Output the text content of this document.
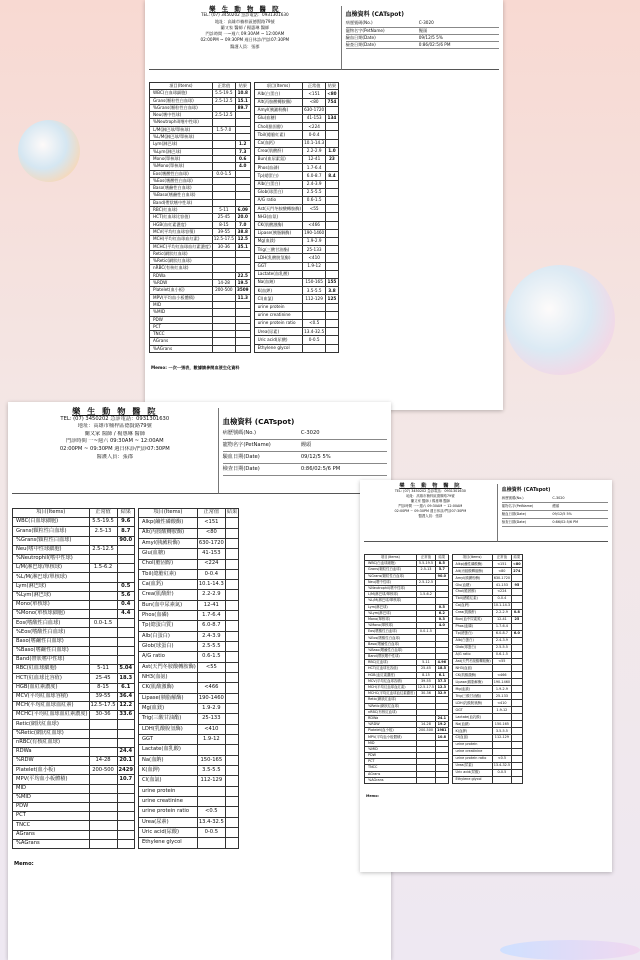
樂 生 動 物 醫 院
TEL: (07) 3450202 急診電話：0931301630
地址：高雄市楠梓區德賢路79號
蘭又家 醫師 / 楊惠琳 醫師
門診時間 一~週六 09:30AM ~ 12:00AM
02:00PM ~ 09:30PM 週日休診/門診07:30PM
醫護人員：張郡
血檢資料 (CATspot)
病歷號碼(No.)	C-3020
寵物名字(PetName)	饅頭
驗血日期(Date)	09/12/5 5%
檢查日期(Date)	0:86/02:5/6 PM
項目(Items)	正常值	結果
WBC(白血球細胞)	5.5-19.5	10.8
Grans(顆粒性白血球)	2.5-12.5	15.1
%Grans(顆粒性白血球)		89.7
Neu(嗜中性球)	2.5-12.5	
%Neutrophil(嗜中性球)		
L/M(淋巴球/單核球)	1.5-7.0	
%L/M(淋巴球/單核球)		
Lym(淋巴球)		1.2
%Lym(淋巴球)		7.3
Mono(單核球)		0.6
%Mono(單核球)		4.0
Eos(嗜酸性白血球)	0.0-1.5	
%Eos(嗜酸性白血球)		
Baso(嗜鹼性白血球)		
%Baso(嗜鹼性白血球)		
Band(帶狀嗜中性球)		
RBC(紅血球)	5-11	6.09
HCT(紅血球比容值)	25-45	20.0
HGB(血紅素濃度)	8-15	7.0
MCV(平均紅血球容積)	39-55	38.8
MCH(平均紅血球血紅素)	12.5-17.5	12.5
MCHC(平均紅血球血紅素濃度)	30-36	35.1
Retic(網狀紅血球)		
%Retic(網狀紅血球)		
nRBC(有核紅血球)		
RDWa		22.5
%RDW	14-28	19.5
Platelet(血小板)	200-500	3509
MPV(平均血小板體積)		11.3
MID		
%MID		
PDW		
PCT		
TNCC		
AGrans		
%AGrans		
項目(Items)	正常值	結果
Alb(白蛋白)	<151	<80
Alt(丙胺酸轉胺酶)	<80	754
Amyl(胰澱粉酶)	630-1720	
Glu(血糖)	41-153	134
Chol(膽固醇)	<224	
Tbil(總膽紅素)	0-0.4	
Ca(血鈣)	10.1-14.3	
Crea(肌酸酐)	2.2-2.9	1.0
Bun(血尿素氮)	12-41	23
Phos(血磷)	1.7-6.4	
Tp(總蛋白)	6.0-8.7	8.4
Alb(白蛋白)	2.4-3.9	
Glob(球蛋白)	2.5-5.5	
A/G ratio	0.6-1.5	
Ast(天門冬胺酸轉胺酶)	<55	
NH3(血氨)		
CK(肌酸激酶)	<466	
Lipase(胰脂解酶)	190-1460	
Mg(血鎂)	1.9-2.9	
Trig(三酸甘油酯)	25-133	
LDH(乳酸脫氫酶)	<410	
GGT	1.9-12	
Lactate(血乳酸)		
Na(血鈉)	150-165	155
K(血鉀)	3.5-5.5	3.8
Cl(血氯)	112-129	125
urine protein		
urine creatinine		
urine protein ratio	<0.5	
Urea(尿素)	13.4-32.5	
Uric acid(尿酸)	0-0.5	
Ethylene glycol		
Memo: 一次一張表，數據請參閱血液生化資料
樂 生 動 物 醫 院
TEL: (07) 3450202 急診電話：0931301630
地址：高雄市楠梓區德賢路79號
蘭又家 醫師 / 楊惠琳 醫師
門診時間 一~週六 09:30AM ~ 12:00AM
02:00PM ~ 09:30PM 週日休診/門診07:30PM
醫護人員：張郡
血檢資料 (CATspot)
病歷號碼(No.)	C-3020
寵物名字(PetName)	饅頭
驗血日期(Date)	09/12/5 5%
檢查日期(Date)	0:86/02:5/6 PM
項目(Items)	正常值	結果
WBC(白血球細胞)	5.5-19.5	9.6
Grans(顆粒性白血球)	2.5-13	8.7
%Grans(顆粒性白血球)		90.0
Neu(嗜中性球細胞)	2.5-12.5	
%Neutrophil(嗜中性球)		
L/M(淋巴球/單核球)	1.5-6.2	
%L/M(淋巴球/單核球)		
Lym(淋巴球)		0.5
%Lym(淋巴球)		5.6
Mono(單核球)		0.4
%Mono(單核球細胞)		4.4
Eos(嗜酸性白血球)	0.0-1.5	
%Eos(嗜酸性白血球)		
Baso(嗜鹼性白血球)		
%Baso(嗜鹼性白血球)		
Band(帶狀嗜中性球)		
RBC(紅血球細胞)	5-11	5.04
HCT(紅血球比容值)	25-45	18.3
HGB(血紅素濃度)	8-15	6.1
MCV(平均紅血球容積)	39-55	36.4
MCH(平均紅血球血紅素)	12.5-17.5	12.2
MCHC(平均紅血球血紅素濃度)	30-36	33.6
Retic(網狀紅血球)		
%Retic(網狀紅血球)		
nRBC(有核紅血球)		
RDWa		24.4
%RDW	14-28	20.1
Platelet(血小板)	200-500	2429
MPV(平均血小板體積)		10.7
MID		
%MID		
PDW		
PCT		
TNCC		
AGrans		
%AGrans		
項目(Items)	正常值	結果
Alkp(鹼性磷酸酶)	<151	
Alt(丙胺酸轉胺酶)	<80	
Amyl(胰澱粉酶)	630-1720	
Glu(血糖)	41-153	
Chol(膽固醇)	<224	
Tbil(總膽紅素)	0-0.4	
Ca(血鈣)	10.1-14.3	
Crea(肌酸酐)	2.2-2.9	
Bun(血中尿素氮)	12-41	
Phos(血磷)	1.7-6.4	
Tp(總蛋白質)	6.0-8.7	
Alb(白蛋白)	2.4-3.9	
Glob(球蛋白)	2.5-5.5	
A/G ratio	0.6-1.5	
Ast(天門冬胺酸轉胺酶)	<55	
NH3(血氨)		
CK(肌酸激酶)	<466	
Lipase(胰脂解酶)	190-1460	
Mg(血鎂)	1.9-2.9	
Trig(三酸甘油酯)	25-133	
LDH(乳酸脫氫酶)	<410	
GGT	1.9-12	
Lactate(血乳酸)		
Na(血鈉)	150-165	
K(血鉀)	3.5-5.5	
Cl(血氯)	112-129	
urine protein		
urine creatinine		
urine protein ratio	<0.5	
Urea(尿素)	13.4-32.5	
Uric acid(尿酸)	0-0.5	
Ethylene glycol		
Memo:
樂 生 動 物 醫 院
TEL: (07) 3450202 急診電話：0931301630
地址：高雄市楠梓區德賢路79號
蘭又家 醫師 / 楊惠琳 醫師
門診時間 一~週六 09:30AM ~ 12:00AM
02:00PM ~ 09:30PM 週日休診/門診07:30PM
醫護人員：張郡
血檢資料 (CATspot)
病歷號碼(No.)	C-3020
寵物名字(PetName)	饅頭
驗血日期(Date)	09/12/5 5%
檢查日期(Date)	0:86/02:5/6 PM
項目(Items)	正常值	結果
WBC(白血球細胞)	5.5-19.5	8.5
Grans(顆粒性白血球)	2.5-13	5.7
%Grans(顆粒性白血球)		90.0
Neu(嗜中性球)	2.5-12.5	
%Neutrophil(嗜中性球)		
L/M(淋巴球/單核球)	1.5-6.2	
%L/M(淋巴球/單核球)		
Lym(淋巴球)		0.5
%Lym(淋巴球)		6.2
Mono(單核球)		0.3
%Mono(單核球)		4.0
Eos(嗜酸性白血球)	0.0-1.5	
%Eos(嗜酸性白血球)		
Baso(嗜鹼性白血球)		
%Baso(嗜鹼性白血球)		
Band(帶狀嗜中性球)		
RBC(紅血球)	5-11	4.96
HCT(紅血球比容值)	25-45	18.5
HGB(血紅素濃度)	8-15	6.1
MCV(平均紅血球容積)	39-55	37.3
MCH(平均紅血球血紅素)	12.5-17.5	12.3
MCHC(平均紅血球血紅素濃度)	30-36	32.9
Retic(網狀紅血球)		
%Retic(網狀紅血球)		
nRBC(有核紅血球)		
RDWa		24.1
%RDW	14-28	19.2
Platelet(血小板)	200-500	1981
MPV(平均血小板體積)		10.8
MID		
%MID		
PDW		
PCT		
TNCC		
AGrans		
%AGrans		
項目(Items)	正常值	結果
Alkp(鹼性磷酸酶)	<151	<80
Alt(丙胺酸轉胺酶)	<80	274
Amyl(胰澱粉酶)	630-1720	
Glu(血糖)	41-153	95
Chol(膽固醇)	<224	
Tbil(總膽紅素)	0-0.4	
Ca(血鈣)	10.1-14.3	
Crea(肌酸酐)	2.2-2.9	0.8
Bun(血中尿素氮)	12-41	25
Phos(血磷)	1.7-6.4	
Tp(總蛋白)	6.0-8.7	6.0
Alb(白蛋白)	2.4-3.9	
Glob(球蛋白)	2.5-5.5	
A/G ratio	0.6-1.5	
Ast(天門冬胺酸轉胺酶)	<55	
NH3(血氨)		
CK(肌酸激酶)	<466	
Lipase(胰脂解酶)	190-1460	
Mg(血鎂)	1.9-2.9	
Trig(三酸甘油酯)	25-133	
LDH(乳酸脫氫酶)	<410	
GGT	1.9-12	
Lactate(血乳酸)		
Na(血鈉)	150-165	
K(血鉀)	3.5-5.5	
Cl(血氯)	112-129	
urine protein		
urine creatinine		
urine protein ratio	<0.5	
Urea(尿素)	13.4-32.5	
Uric acid(尿酸)	0-0.5	
Ethylene glycol		
Memo:
